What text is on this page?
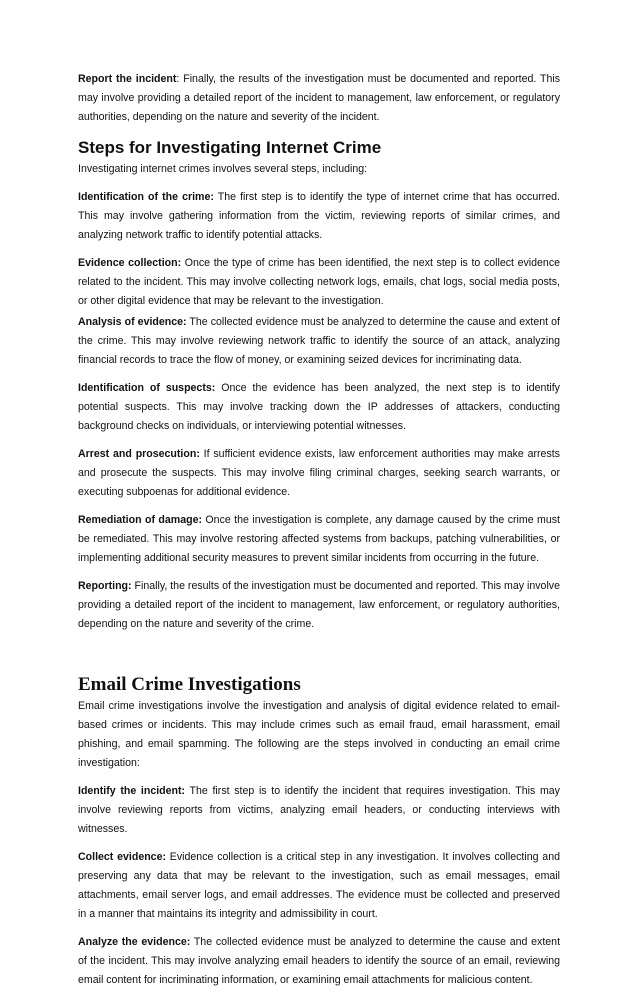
Report the incident: Finally, the results of the investigation must be documented and reported. This may involve providing a detailed report of the incident to management, law enforcement, or regulatory authorities, depending on the nature and severity of the incident.

Steps for Investigating Internet Crime

Investigating internet crimes involves several steps, including:

Identification of the crime: The first step is to identify the type of internet crime that has occurred. This may involve gathering information from the victim, reviewing reports of similar crimes, and analyzing network traffic to identify potential attacks.

Evidence collection: Once the type of crime has been identified, the next step is to collect evidence related to the incident. This may involve collecting network logs, emails, chat logs, social media posts, or other digital evidence that may be relevant to the investigation.

Analysis of evidence: The collected evidence must be analyzed to determine the cause and extent of the crime. This may involve reviewing network traffic to identify the source of an attack, analyzing financial records to trace the flow of money, or examining seized devices for incriminating data.

Identification of suspects: Once the evidence has been analyzed, the next step is to identify potential suspects. This may involve tracking down the IP addresses of attackers, conducting background checks on individuals, or interviewing potential witnesses.

Arrest and prosecution: If sufficient evidence exists, law enforcement authorities may make arrests and prosecute the suspects. This may involve filing criminal charges, seeking search warrants, or executing subpoenas for additional evidence.

Remediation of damage: Once the investigation is complete, any damage caused by the crime must be remediated. This may involve restoring affected systems from backups, patching vulnerabilities, or implementing additional security measures to prevent similar incidents from occurring in the future.

Reporting: Finally, the results of the investigation must be documented and reported. This may involve providing a detailed report of the incident to management, law enforcement, or regulatory authorities, depending on the nature and severity of the crime.

Email Crime Investigations

Email crime investigations involve the investigation and analysis of digital evidence related to email-based crimes or incidents. This may include crimes such as email fraud, email harassment, email phishing, and email spamming. The following are the steps involved in conducting an email crime investigation:

Identify the incident: The first step is to identify the incident that requires investigation. This may involve reviewing reports from victims, analyzing email headers, or conducting interviews with witnesses.

Collect evidence: Evidence collection is a critical step in any investigation. It involves collecting and preserving any data that may be relevant to the investigation, such as email messages, email attachments, email server logs, and email addresses. The evidence must be collected and preserved in a manner that maintains its integrity and admissibility in court.

Analyze the evidence: The collected evidence must be analyzed to determine the cause and extent of the incident. This may involve analyzing email headers to identify the source of an email, reviewing email content for incriminating information, or examining email attachments for malicious content.
